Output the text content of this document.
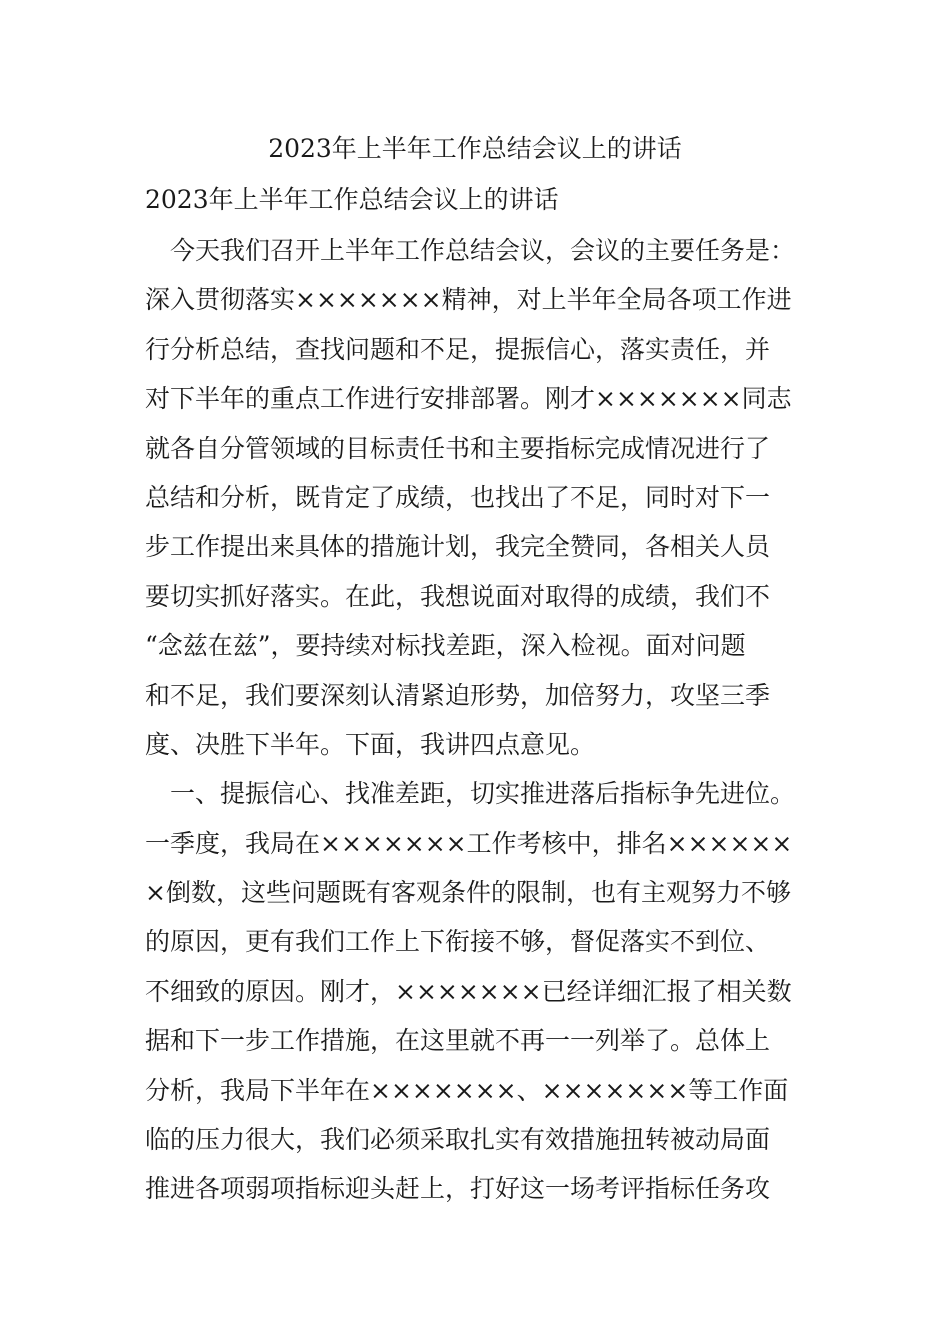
2023年上半年工作总结会议上的讲话
2023年上半年工作总结会议上的讲话

　今天我们召开上半年工作总结会议，会议的主要任务是：

深入贯彻落实×××××××精神，对上半年全局各项工作进

行分析总结，查找问题和不足，提振信心，落实责任，并

对下半年的重点工作进行安排部署。刚才×××××××同志

就各自分管领域的目标责任书和主要指标完成情况进行了

总结和分析，既肯定了成绩，也找出了不足，同时对下一

步工作提出来具体的措施计划，我完全赞同，各相关人员

要切实抓好落实。在此，我想说面对取得的成绩，我们不

“念兹在兹”，要持续对标找差距，深入检视。面对问题

和不足，我们要深刻认清紧迫形势，加倍努力，攻坚三季

度、决胜下半年。下面，我讲四点意见。

　一、提振信心、找准差距，切实推进落后指标争先进位。

一季度，我局在×××××××工作考核中，排名××××××

×倒数，这些问题既有客观条件的限制，也有主观努力不够

的原因，更有我们工作上下衔接不够，督促落实不到位、

不细致的原因。刚才，×××××××已经详细汇报了相关数

据和下一步工作措施，在这里就不再一一列举了。总体上

分析，我局下半年在×××××××、×××××××等工作面

临的压力很大，我们必须采取扎实有效措施扭转被动局面

推进各项弱项指标迎头赶上，打好这一场考评指标任务攻
